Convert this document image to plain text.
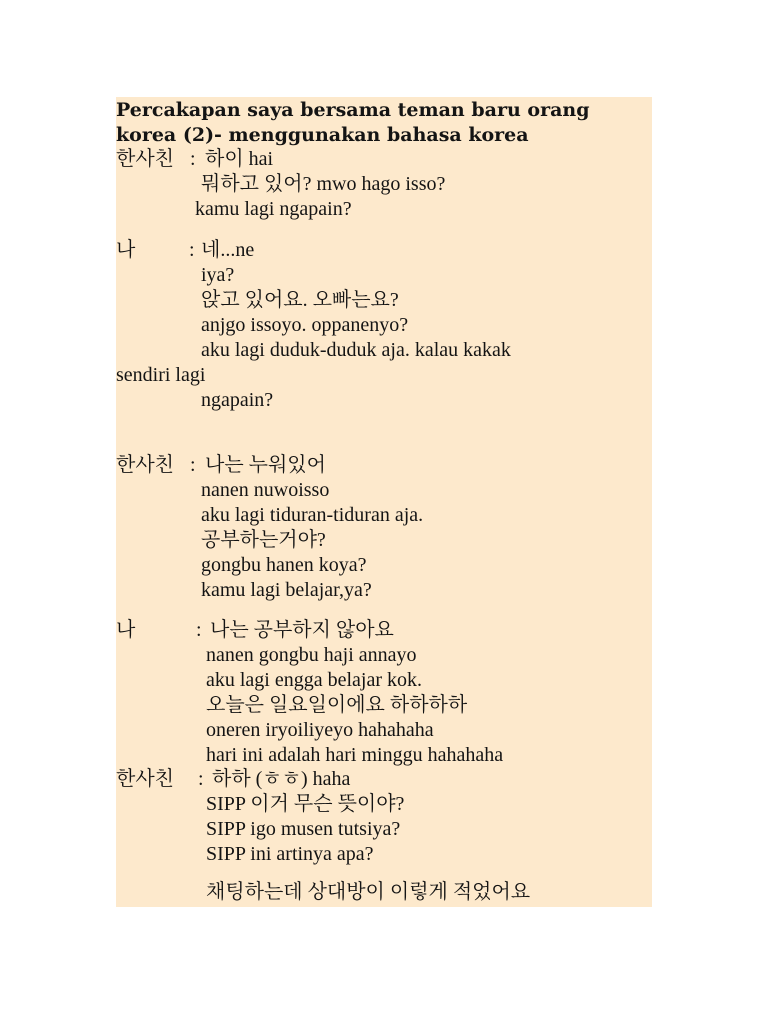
Percakapan saya bersama teman baru orang
korea (2)- menggunakan bahasa korea
한사친 : 하이 hai
뭐하고 있어? mwo hago isso?
kamu lagi ngapain?
나	: 네...ne
iya?
앉고 있어요. 오빠는요?
anjgo issoyo. oppanenyo?
aku lagi duduk-duduk aja. kalau kakak
sendiri lagi
ngapain?
한사친 : 나는 누워있어
nanen nuwoisso
aku lagi tiduran-tiduran aja.
공부하는거야?
gongbu hanen koya?
kamu lagi belajar,ya?
나	: 나는 공부하지 않아요
nanen gongbu haji annayo
aku lagi engga belajar kok.
오늘은 일요일이에요 하하하하
oneren iryoiliyeyo hahahaha
hari ini adalah hari minggu hahahaha
한사친 : 하하 (ㅎㅎ) haha
SIPP 이거 무슨 뜻이야?
SIPP igo musen tutsiya?
SIPP ini artinya apa?
채팅하는데 상대방이 이렇게 적었어요
